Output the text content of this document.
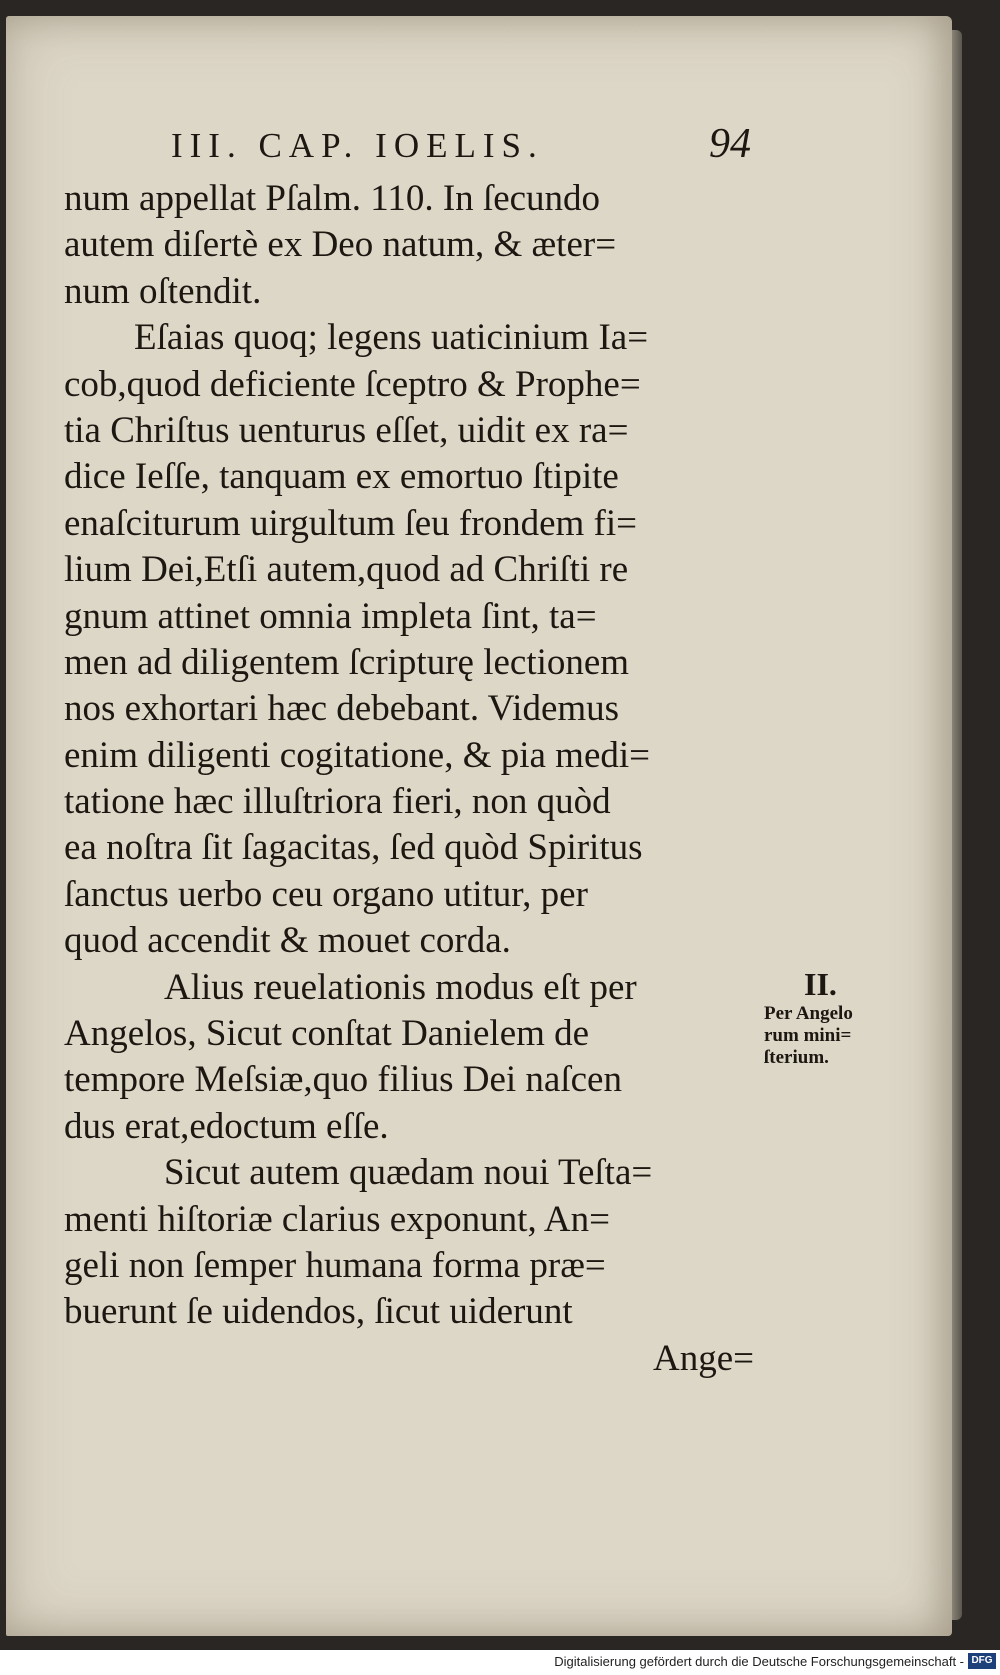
III. CAP. IOELIS.	94
num appellat Pſalm. 110. In ſecundo
autem diſertè ex Deo natum, & æter=
num oſtendit.
Eſaias quoq; legens uaticinium Ia=
cob,quod deficiente ſceptro & Prophe=
tia Chriſtus uenturus eſſet, uidit ex ra=
dice Ieſſe, tanquam ex emortuo ſtipite
enaſciturum uirgultum ſeu frondem fi=
lium Dei,Etſi autem,quod ad Chriſti re
gnum attinet omnia impleta ſint, ta=
men ad diligentem ſcripturę lectionem
nos exhortari hæc debebant. Videmus
enim diligenti cogitatione, & pia medi=
tatione hæc illuſtriora fieri, non quòd
ea noſtra ſit ſagacitas, ſed quòd Spiritus
ſanctus uerbo ceu organo utitur, per
quod accendit & mouet corda.
Alius reuelationis modus eſt per
Angelos, Sicut conſtat Danielem de
tempore Meſsiæ,quo filius Dei naſcen
dus erat,edoctum eſſe.
Sicut autem quædam noui Teſta=
menti hiſtoriæ clarius exponunt, An=
geli non ſemper humana forma præ=
buerunt ſe uidendos, ſicut uiderunt
Ange=
II.
Per Angelo
rum mini=
ſterium.
Digitalisierung gefördert durch die Deutsche Forschungsgemeinschaft - DFG
